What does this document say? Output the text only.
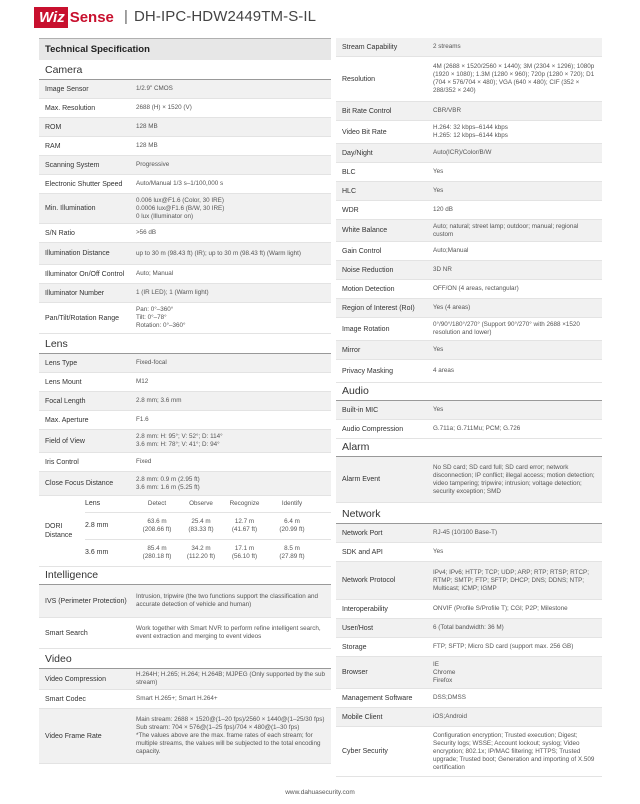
Wiz Sense | DH-IPC-HDW2449TM-S-IL
Technical Specification
Camera
Image Sensor	1/2.9" CMOS
Max. Resolution	2688 (H) × 1520 (V)
ROM	128 MB
RAM	128 MB
Scanning System	Progressive
Electronic Shutter Speed	Auto/Manual 1/3 s–1/100,000 s
Min. Illumination
0.006 lux@F1.6 (Color, 30 IRE)
0.0006 lux@F1.6 (B/W, 30 IRE)
0 lux (Illuminator on)
S/N Ratio	>56 dB
Illumination Distance	up to 30 m (98.43 ft) (IR); up to 30 m (98.43 ft) (Warm light)
Illuminator On/Off Control	Auto; Manual
Illuminator Number	1 (IR LED); 1 (Warm light)
Pan/Tilt/Rotation Range
Pan: 0°–360°
Tilt: 0°–78°
Rotation: 0°–360°
Lens
Lens Type	Fixed-focal
Lens Mount	M12
Focal Length	2.8 mm; 3.6 mm
Max. Aperture	F1.6
Field of View
2.8 mm: H: 95°; V: 52°; D: 114°
3.6 mm: H: 78°; V: 41°; D: 94°
Iris Control	Fixed
Close Focus Distance
2.8 mm: 0.9 m (2.95 ft)
3.6 mm: 1.6 m (5.25 ft)
DORI
Distance
Lens	Detect	Observe	Recognize	Identify
2.8 mm
63.6 m
(208.66 ft)
25.4 m
(83.33 ft)
12.7 m
(41.67 ft)
6.4 m
(20.99 ft)
3.6 mm
85.4 m
(280.18 ft)
34.2 m
(112.20 ft)
17.1 m
(56.10 ft)
8.5 m
(27.89 ft)
Intelligence
IVS (Perimeter Protection)
Intrusion, tripwire (the two functions support the classification and accurate detection of vehicle and human)
Smart Search
Work together with Smart NVR to perform refine intelligent search, event extraction and merging to event videos
Video
Video Compression
H.264H; H.265; H.264; H.264B; MJPEG (Only supported by the sub stream)
Smart Codec	Smart H.265+; Smart H.264+
Video Frame Rate
Main stream: 2688 × 1520@(1–20 fps)/2560 × 1440@(1–25/30 fps)
Sub stream: 704 × 576@(1–25 fps)/704 × 480@(1–30 fps)
*The values above are the max. frame rates of each stream; for multiple streams, the values will be subjected to the total encoding capacity.
Stream Capability	2 streams
Resolution
4M (2688 × 1520/2560 × 1440); 3M (2304 × 1296); 1080p (1920 × 1080); 1.3M (1280 × 960); 720p (1280 × 720); D1 (704 × 576/704 × 480); VGA (640 × 480); CIF (352 × 288/352 × 240)
Bit Rate Control	CBR/VBR
Video Bit Rate
H.264: 32 kbps–6144 kbps
H.265: 12 kbps–6144 kbps
Day/Night	Auto(ICR)/Color/B/W
BLC	Yes
HLC	Yes
WDR	120 dB
White Balance
Auto; natural; street lamp; outdoor; manual; regional custom
Gain Control	Auto;Manual
Noise Reduction	3D NR
Motion Detection	OFF/ON (4 areas, rectangular)
Region of Interest (RoI)	Yes (4 areas)
Image Rotation
0°/90°/180°/270° (Support 90°/270° with 2688 ×1520 resolution and lower)
Mirror	Yes
Privacy Masking	4 areas
Audio
Built-in MIC	Yes
Audio Compression	G.711a; G.711Mu; PCM; G.726
Alarm
Alarm Event
No SD card; SD card full; SD card error; network disconnection; IP conflict; illegal access; motion detection; video tampering; tripwire; intrusion; voltage detection; security exception; SMD
Network
Network Port	RJ-45 (10/100 Base-T)
SDK and API	Yes
Network Protocol
IPv4; IPv6; HTTP; TCP; UDP; ARP; RTP; RTSP; RTCP; RTMP; SMTP; FTP; SFTP; DHCP; DNS; DDNS; NTP; Multicast; ICMP; IGMP
Interoperability	ONVIF (Profile S/Profile T); CGI; P2P; Milestone
User/Host	6 (Total bandwidth: 36 M)
Storage	FTP; SFTP; Micro SD card (support max. 256 GB)
Browser
IE
Chrome
Firefox
Management Software	DSS;DMSS
Mobile Client	iOS;Android
Cyber Security
Configuration encryption; Trusted execution; Digest; Security logs; WSSE; Account lockout; syslog; Video encryption; 802.1x; IP/MAC filtering; HTTPS; Trusted upgrade; Trusted boot; Generation and importing of X.509 certification
www.dahuasecurity.com
